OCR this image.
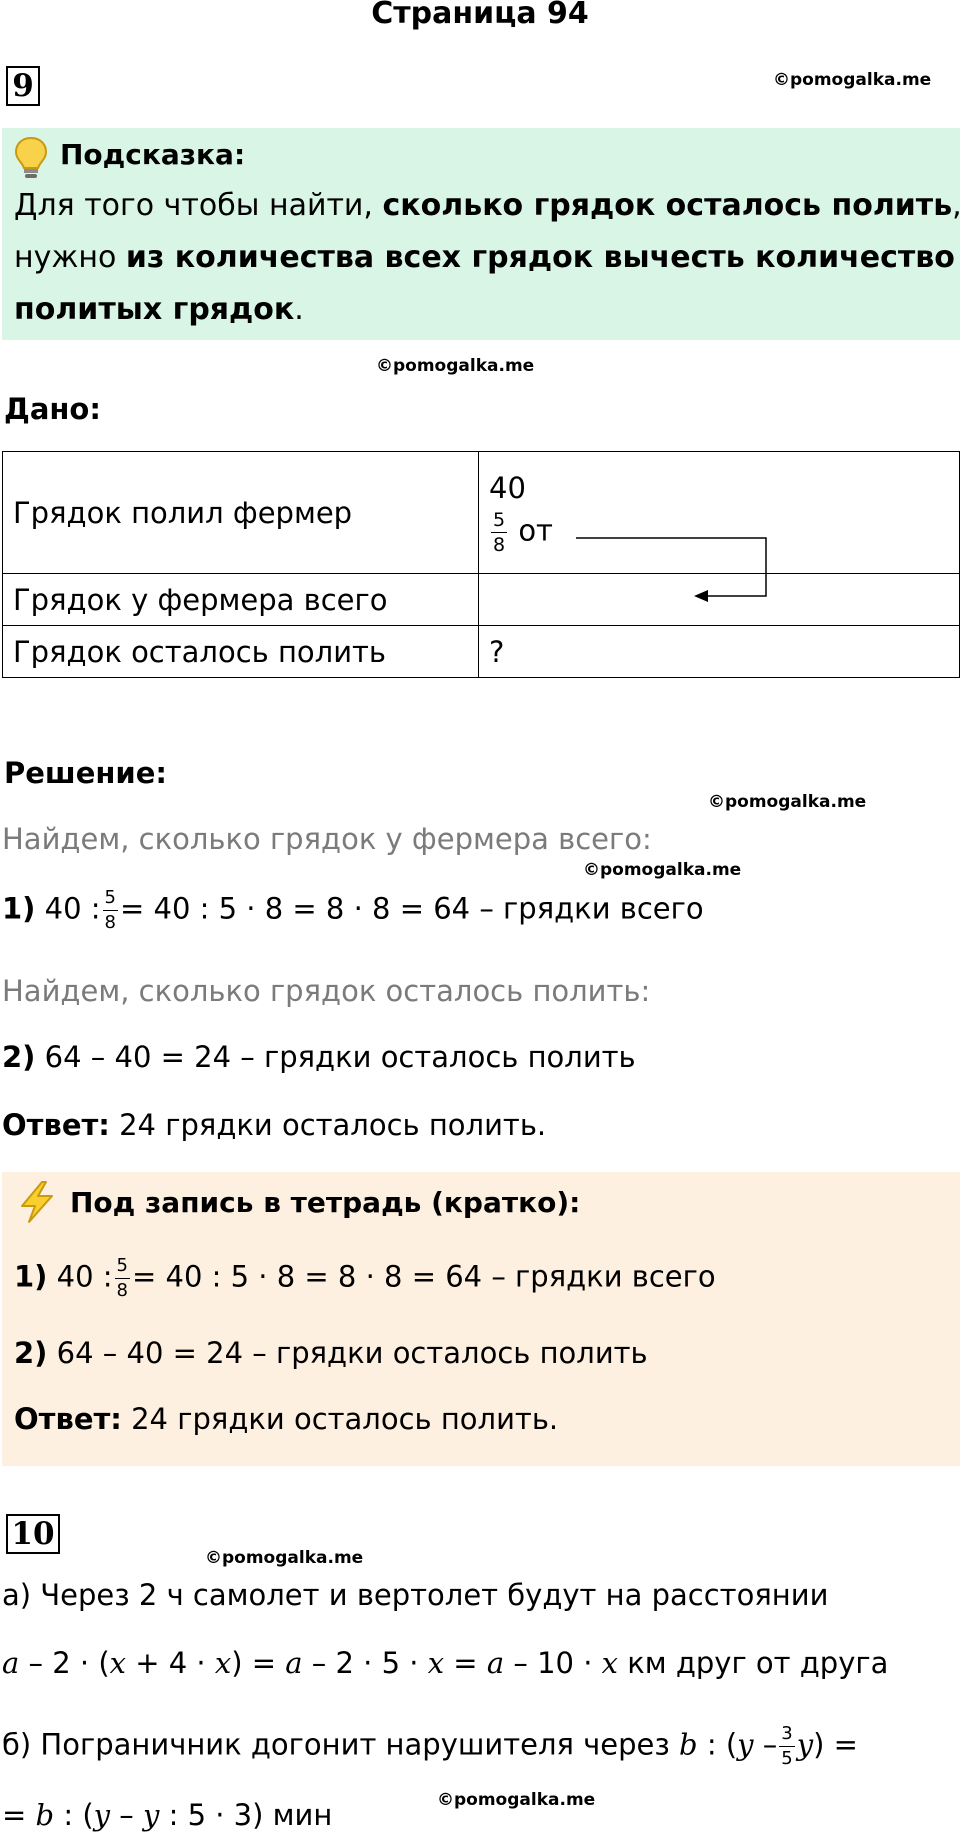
Страница 94
9	©pomogalka.me
Подсказка:
Для того чтобы найти, сколько грядок осталось полить,
нужно из количества всех грядок вычесть количество
политых грядок.
©pomogalka.me
Дано:
Грядок полил фермер	40
$\frac{5}{8}$ от

Грядок у фермера всего	
Грядок осталось полить	?
Решение:
©pomogalka.me
Найдем, сколько грядок у фермера всего:
©pomogalka.me
1) 40 : $\frac{5}{8} = 40$ : 5 · 8 = 8 · 8 = 64 – грядки всего
Найдем, сколько грядок осталось полить:
2) 64 – 40 = 24 – грядки осталось полить
Ответ: 24 грядки осталось полить.
Под запись в тетрадь (кратко):
1) 40 : $\frac{5}{8} = 40$ : 5 · 8 = 8 · 8 = 64 – грядки всего
2) 64 – 40 = 24 – грядки осталось полить
Ответ: 24 грядки осталось полить.
10
©pomogalka.me
а) Через 2 ч самолет и вертолет будут на расстоянии
a – 2 · (x + 4 · x) = a – 2 · 5 · x = a – 10 · x км друг от друга
б) Пограничник догонит нарушителя через b : $(y - \frac{3}{5} y)$ =
©pomogalka.me
= b : (y – y : 5 · 3) мин
